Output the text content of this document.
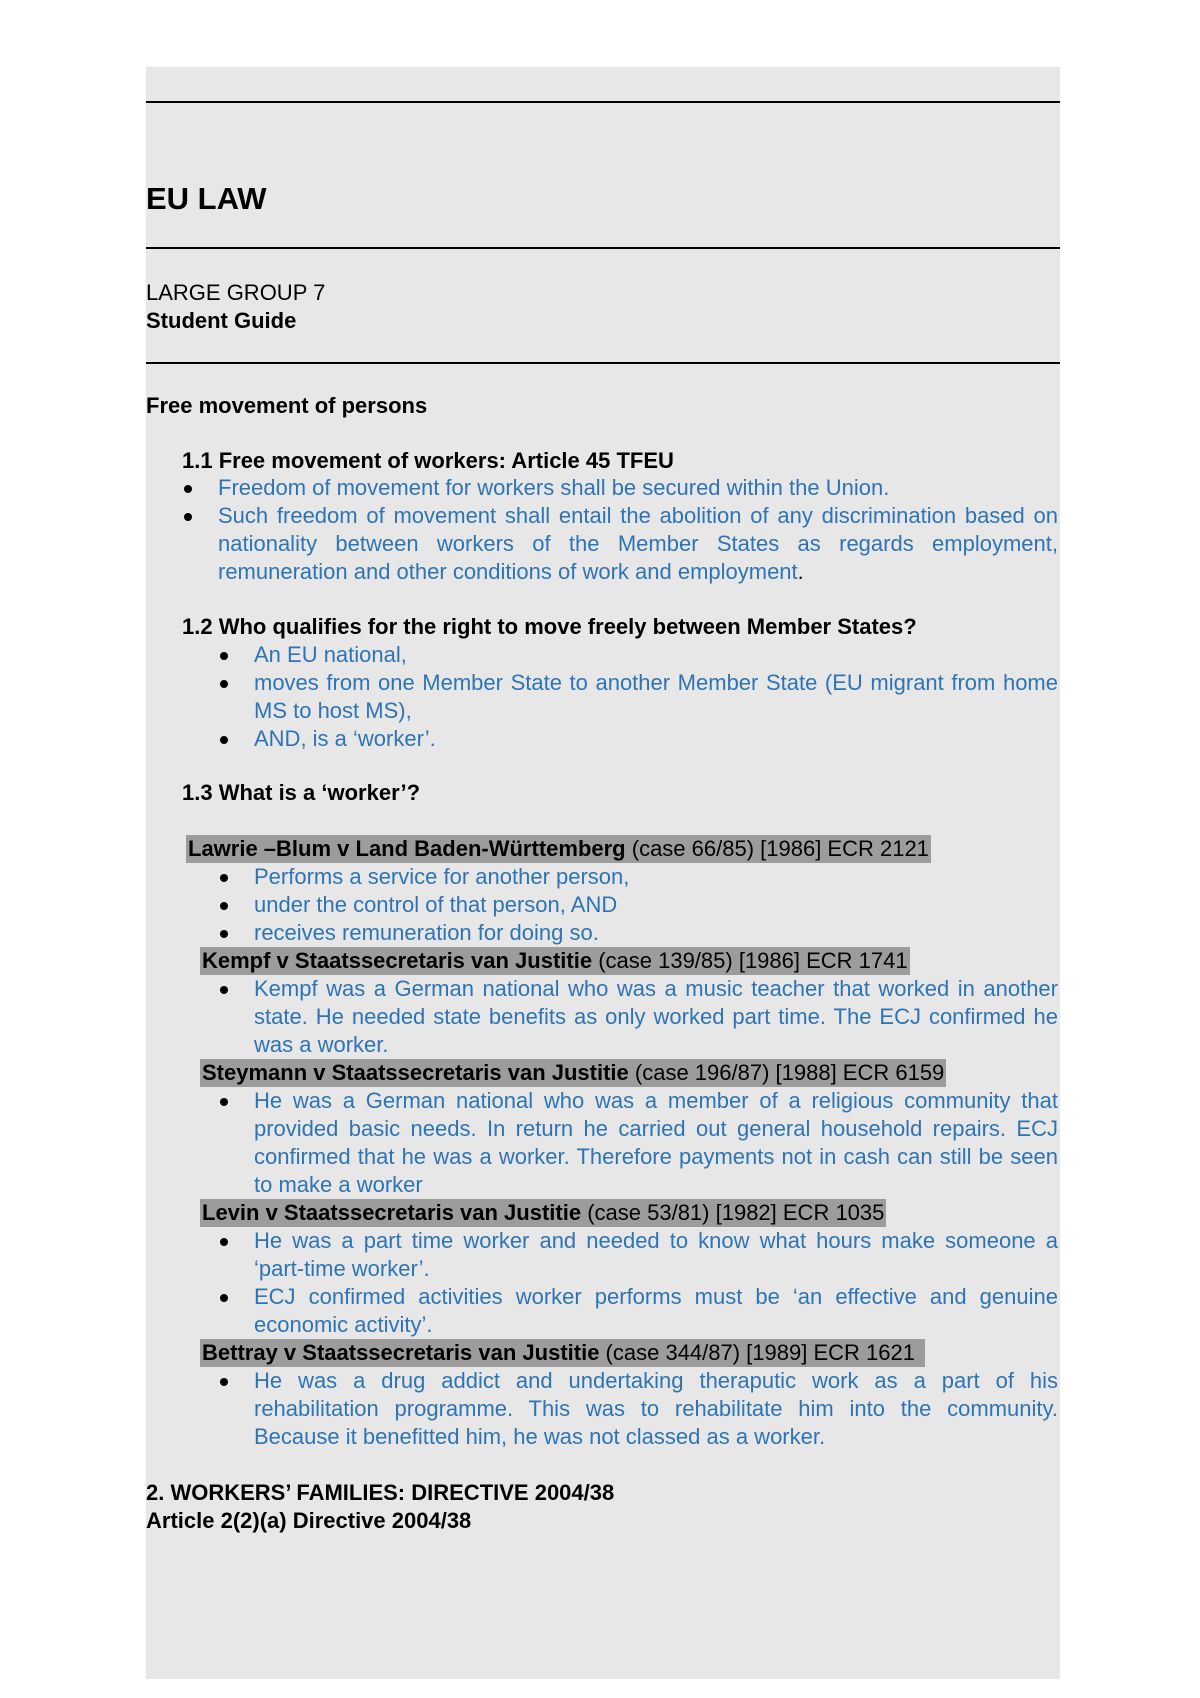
EU LAW
LARGE GROUP 7
Student Guide
Free movement of persons
1.1 Free movement of workers: Article 45 TFEU
Freedom of movement for workers shall be secured within the Union.
Such freedom of movement shall entail the abolition of any discrimination based on nationality between workers of the Member States as regards employment, remuneration and other conditions of work and employment.
1.2 Who qualifies for the right to move freely between Member States?
An EU national,
moves from one Member State to another Member State (EU migrant from home MS to host MS),
AND, is a ‘worker’.
1.3 What is a ‘worker’?
Lawrie –Blum v Land Baden-Württemberg (case 66/85) [1986] ECR 2121
Performs a service for another person,
under the control of that person, AND
receives remuneration for doing so.
Kempf v Staatssecretaris van Justitie (case 139/85) [1986] ECR 1741
Kempf was a German national who was a music teacher that worked in another state. He needed state benefits as only worked part time. The ECJ confirmed he was a worker.
Steymann v Staatssecretaris van Justitie (case 196/87) [1988] ECR 6159
He was a German national who was a member of a religious community that provided basic needs. In return he carried out general household repairs. ECJ confirmed that he was a worker. Therefore payments not in cash can still be seen to make a worker
Levin v Staatssecretaris van Justitie (case 53/81) [1982] ECR 1035
He was a part time worker and needed to know what hours make someone a ‘part-time worker’.
ECJ confirmed activities worker performs must be ‘an effective and genuine economic activity’.
Bettray v Staatssecretaris van Justitie (case 344/87) [1989] ECR 1621
He was a drug addict and undertaking theraputic work as a part of his rehabilitation programme. This was to rehabilitate him into the community. Because it benefitted him, he was not classed as a worker.
2. WORKERS’ FAMILIES: DIRECTIVE 2004/38
Article 2(2)(a) Directive 2004/38
